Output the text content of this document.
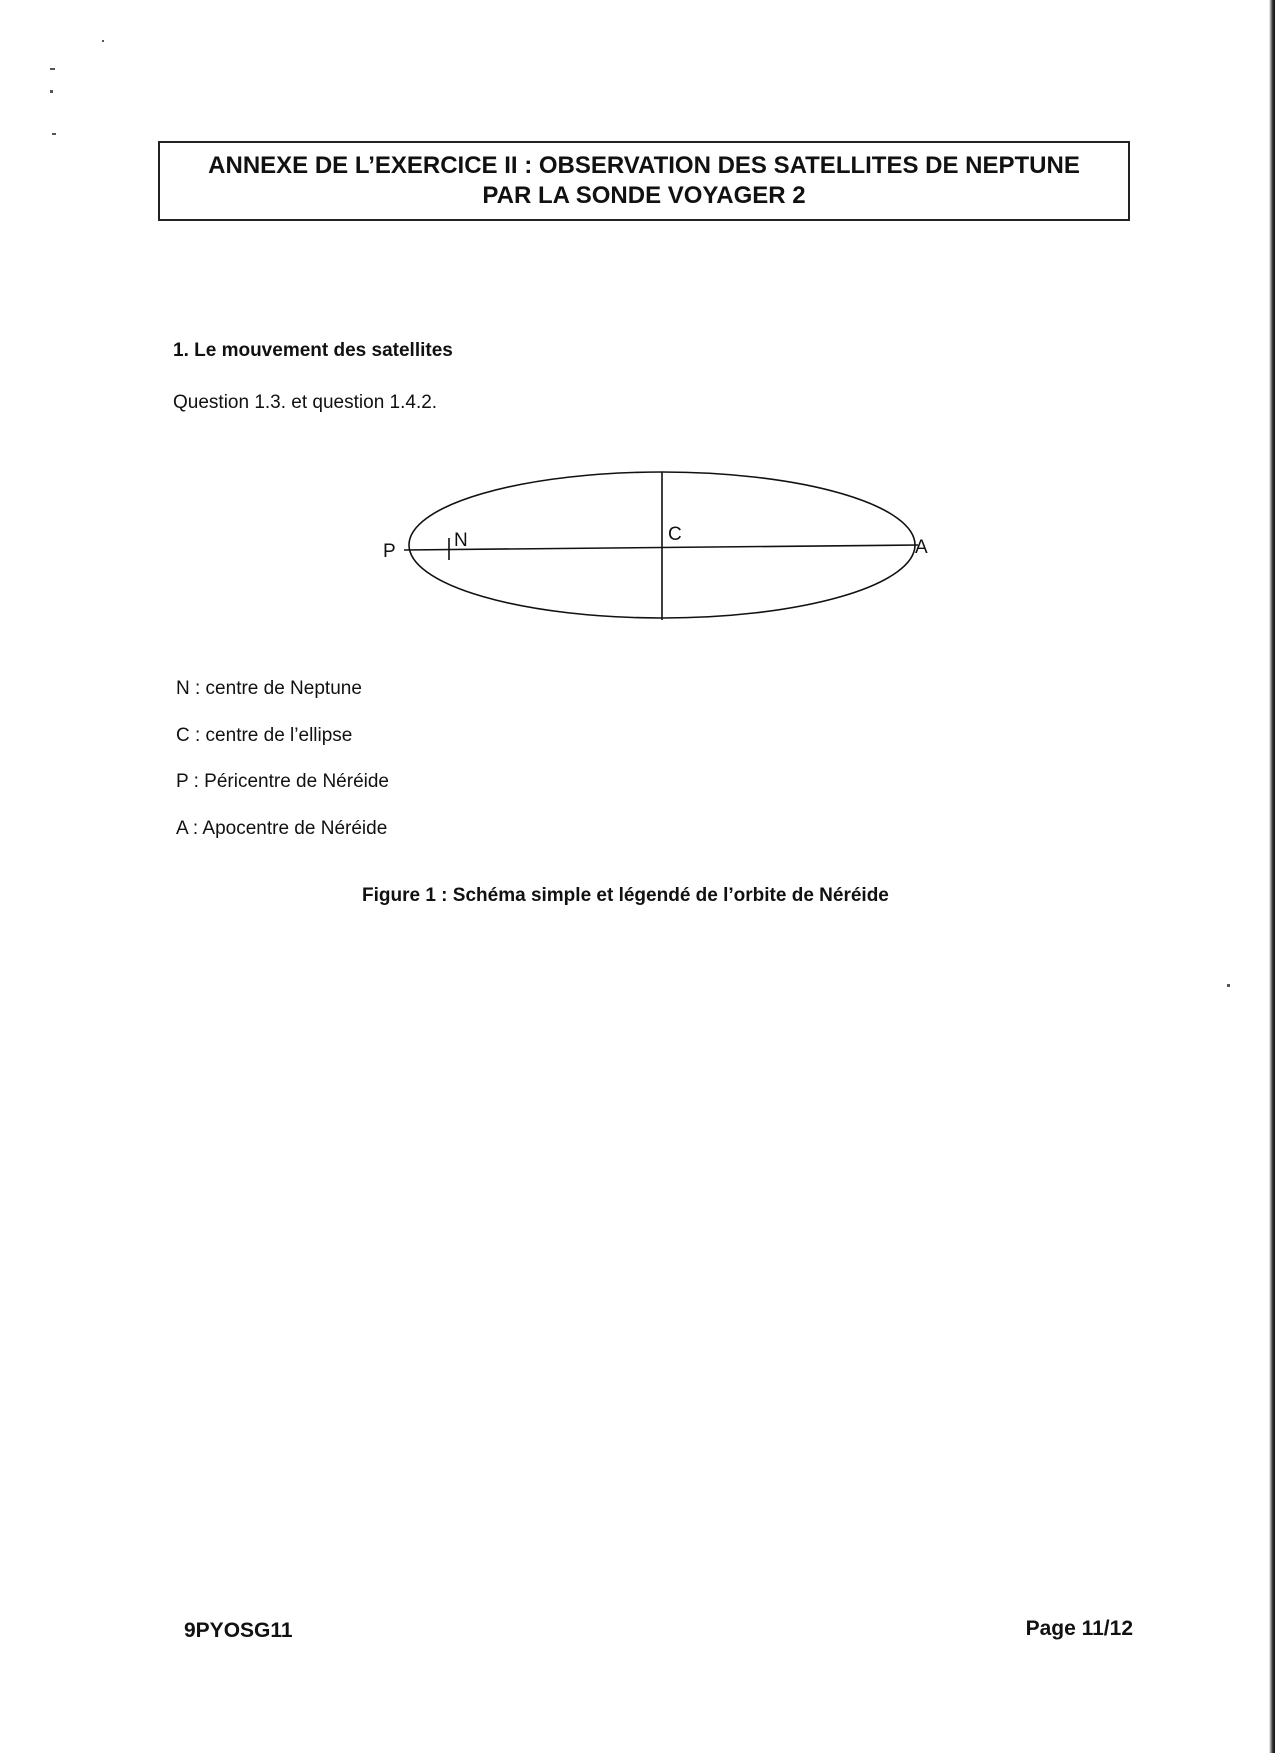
ANNEXE DE L’EXERCICE II : OBSERVATION DES SATELLITES DE NEPTUNE
PAR LA SONDE VOYAGER 2
1. Le mouvement des satellites
Question 1.3. et question 1.4.2.
P
N	C
A
N : centre de Neptune
C : centre de l’ellipse
P : Péricentre de Néréide
A : Apocentre de Néréide
Figure 1 : Schéma simple et légendé de l’orbite de Néréide
9PYOSG11	Page 11/12
